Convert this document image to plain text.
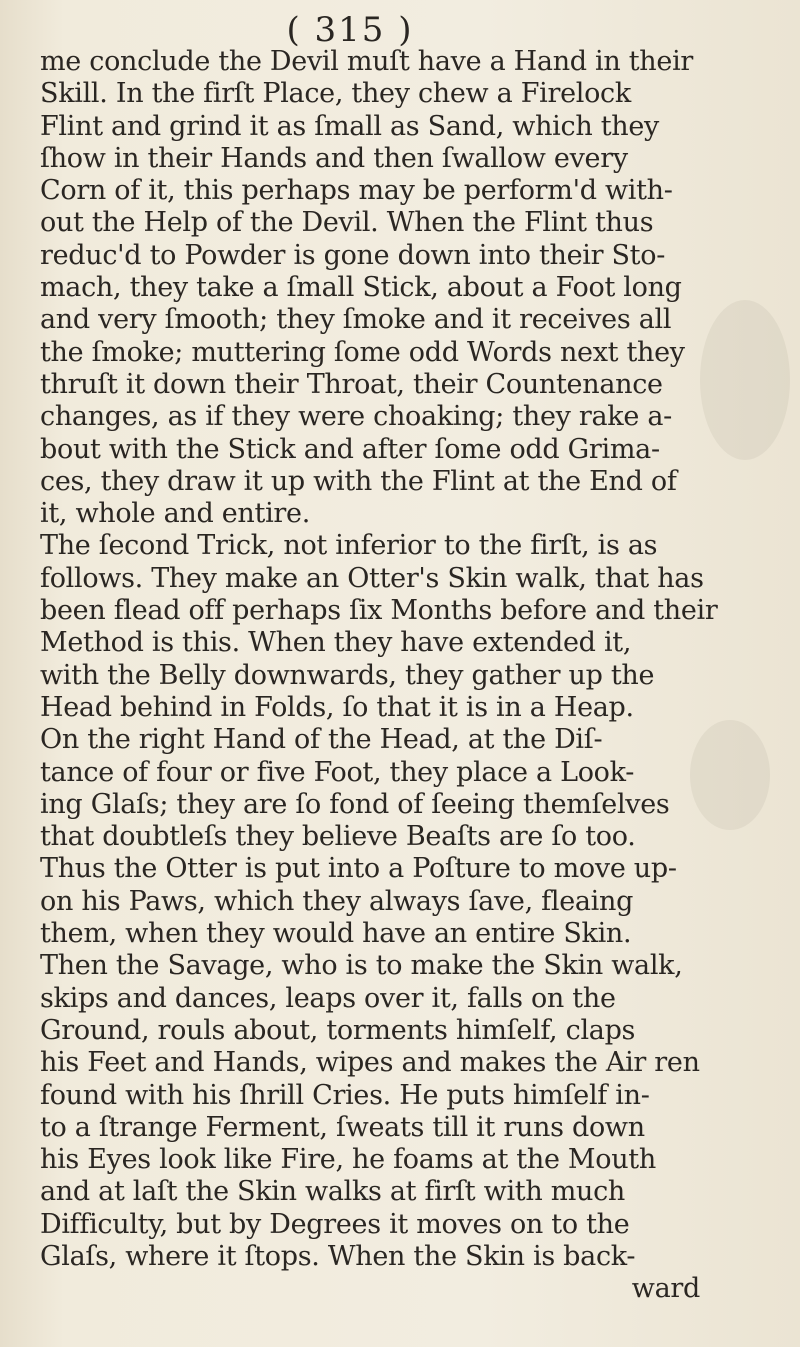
( 315 )
me conclude the Devil muſt have a Hand in their
Skill. In the firſt Place, they chew a Firelock
Flint and grind it as ſmall as Sand, which they
ſhow in their Hands and then ſwallow every
Corn of it, this perhaps may be perform'd with-
out the Help of the Devil. When the Flint thus
reduc'd to Powder is gone down into their Sto-
mach, they take a ſmall Stick, about a Foot long
and very ſmooth; they ſmoke and it receives all
the ſmoke; muttering ſome odd Words next they
thruſt it down their Throat, their Countenance
changes, as if they were choaking; they rake a-
bout with the Stick and after ſome odd Grima-
ces, they draw it up with the Flint at the End of
it, whole and entire.
The ſecond Trick, not inferior to the firſt, is as
follows. They make an Otter's Skin walk, that has
been flead off perhaps ſix Months before and their
Method is this. When they have extended it,
with the Belly downwards, they gather up the
Head behind in Folds, ſo that it is in a Heap.
On the right Hand of the Head, at the Diſ-
tance of four or five Foot, they place a Look-
ing Glaſs; they are ſo fond of ſeeing themſelves
that doubtleſs they believe Beaſts are ſo too.
Thus the Otter is put into a Poſture to move up-
on his Paws, which they always ſave, fleaing
them, when they would have an entire Skin.
Then the Savage, who is to make the Skin walk,
skips and dances, leaps over it, falls on the
Ground, rouls about, torments himſelf, claps
his Feet and Hands, wipes and makes the Air ren
found with his ſhrill Cries. He puts himſelf in-
to a ſtrange Ferment, ſweats till it runs down
his Eyes look like Fire, he foams at the Mouth
and at laſt the Skin walks at firſt with much
Difficulty, but by Degrees it moves on to the
Glaſs, where it ſtops. When the Skin is back-
ward
